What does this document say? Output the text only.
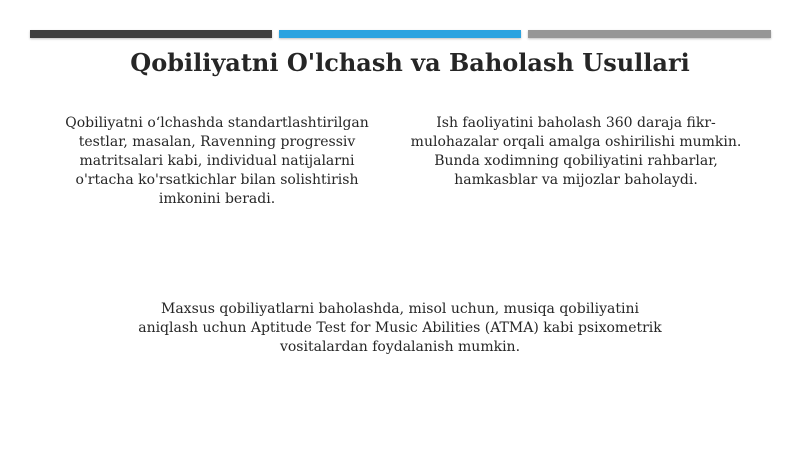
Qobiliyatni O'lchash va Baholash Usullari
Qobiliyatni o‘lchashda standartlashtirilgan testlar, masalan, Ravenning progressiv matritsalari kabi, individual natijalarni o'rtacha ko'rsatkichlar bilan solishtirish imkonini beradi.
Ish faoliyatini baholash 360 daraja fikr-mulohazalar orqali amalga oshirilishi mumkin. Bunda xodimning qobiliyatini rahbarlar, hamkasblar va mijozlar baholaydi.
Maxsus qobiliyatlarni baholashda, misol uchun, musiqa qobiliyatini aniqlash uchun Aptitude Test for Music Abilities (ATMA) kabi psixometrik vositalardan foydalanish mumkin.
